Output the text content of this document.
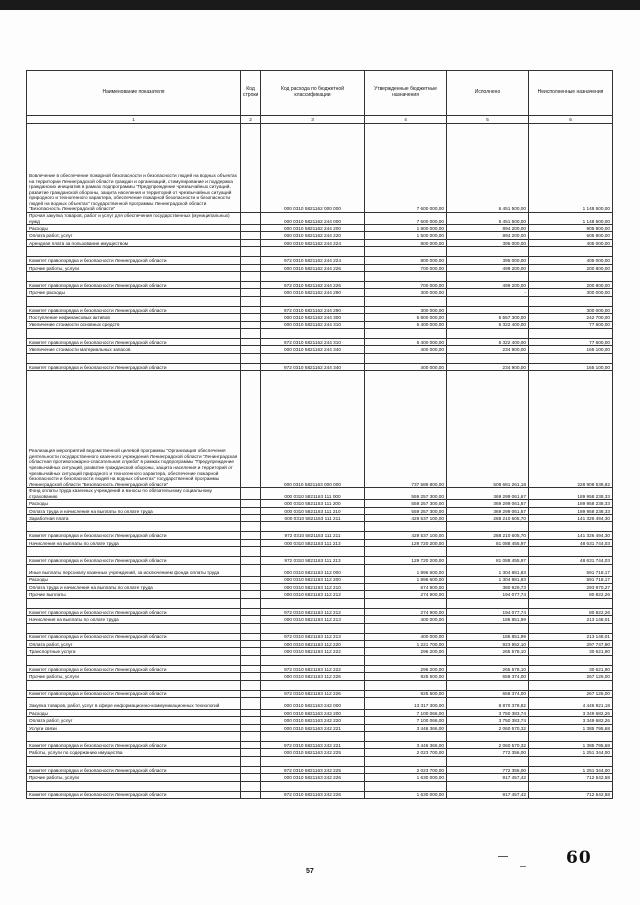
Наименование показателя	Код строки	Код расхода по бюджетной классификации	Утвержденные бюджетные назначения	Исполнено	Неисполненные назначения
1	2	3	4	5	6
Вовлечение в обеспечение пожарной безопасности и безопасности людей на водных объектах на территории Ленинградской области граждан и организаций, стимулирование и поддержка гражданских инициатив в рамках подпрограммы "Предупреждение чрезвычайных ситуаций, развитие гражданской обороны, защита населения и территорий от чрезвычайных ситуаций природного и техногенного характера, обеспечение пожарной безопасности и безопасности людей на водных объектах" государственной программы Ленинградской области "Безопасность Ленинградской области"		000 0310 5821162 000 000	7 600 000,00	6 451 500,00	1 148 500,00
Прочая закупка товаров, работ и услуг для обеспечения государственных (муниципальных) нужд		000 0310 5821162 244 000	7 600 000,00	6 451 500,00	1 148 500,00
Расходы		000 0310 5821162 244 200	1 800 000,00	894 200,00	905 800,00
Оплата работ, услуг		000 0310 5821162 244 220	1 500 000,00	894 200,00	605 800,00
Арендная плата за пользование имуществом		000 0310 5821162 244 224	800 000,00	395 000,00	405 000,00

Комитет правопорядка и безопасности Ленинградской области		972 0310 5821162 244 224	800 000,00	395 000,00	405 000,00
Прочие работы, услуги		000 0310 5821162 244 226	700 000,00	499 200,00	200 800,00

Комитет правопорядка и безопасности Ленинградской области		972 0310 5821162 244 226	700 000,00	499 200,00	200 800,00
Прочие расходы		000 0310 5821162 244 290	300 000,00	-	300 000,00

Комитет правопорядка и безопасности Ленинградской области		972 0310 5821162 244 290	300 000,00		300 000,00
Поступление нефинансовых активов		000 0310 5821162 244 300	5 800 000,00	5 557 300,00	242 700,00
Увеличение стоимости основных средств		000 0310 5821162 244 310	5 400 000,00	5 322 400,00	77 600,00

Комитет правопорядка и безопасности Ленинградской области		972 0310 5821162 244 310	5 400 000,00	5 322 400,00	77 600,00
Увеличение стоимости материальных запасов		000 0310 5821162 244 340	400 000,00	234 900,00	165 100,00

Комитет правопорядка и безопасности Ленинградской области		972 0310 5821162 244 340	400 000,00	234 900,00	165 100,00
Реализация мероприятий ведомственной целевой программы "Организация обеспечения деятельности государственного казенного учреждения Ленинградской области "Ленинградская областная противопожарно-спасательная служба" в рамках подпрограммы "Предупреждение чрезвычайных ситуаций, развитие гражданской обороны, защита населения и территорий от чрезвычайных ситуаций природного и техногенного характера, обеспечение пожарной безопасности и безопасности людей на водных объектах" государственной программы Ленинградской области "Безопасность Ленинградской области"		000 0310 5821163 000 000	737 589 800,00	508 681 261,18	228 908 538,82
Фонд оплаты труда казенных учреждений и взносы по обязательному социальному страхованию		000 0310 5821163 111 000	559 257 300,00	369 299 061,67	189 958 238,33
Расходы		000 0310 5821163 111 200	559 257 300,00	369 299 061,67	189 958 238,33
Оплата труда и начисления на выплаты по оплате труда		000 0310 5821163 111 210	559 257 300,00	369 299 061,67	189 958 238,33
Заработная плата		000 0310 5821163 111 211	429 537 100,00	288 210 605,70	141 326 494,30

Комитет правопорядка и безопасности Ленинградской области		972 0310 5821163 111 211	429 537 100,00	288 210 605,70	141 326 494,30
Начисления на выплаты по оплате труда		000 0310 5821163 111 213	129 720 200,00	81 088 455,97	48 631 744,03

Комитет правопорядка и безопасности Ленинградской области		972 0310 5821163 111 213	129 720 200,00	81 088 455,97	48 631 744,03
Иные выплаты персоналу казенных учреждений, за исключением фонда оплаты труда		000 0310 5821163 112 000	1 896 600,00	1 304 881,83	591 718,17
Расходы		000 0310 5821163 112 200	1 896 600,00	1 304 881,83	591 718,17
Оплата труда и начисления на выплаты по оплате труда		000 0310 5821163 112 210	674 900,00	380 929,73	293 970,27
Прочие выплаты		000 0310 5821163 112 212	274 900,00	194 077,74	80 822,26

Комитет правопорядка и безопасности Ленинградской области		972 0310 5821163 112 212	274 900,00	194 077,74	80 822,26
Начисления на выплаты по оплате труда		000 0310 5821163 112 213	400 000,00	186 851,99	213 148,01

Комитет правопорядка и безопасности Ленинградской области		972 0310 5821163 112 213	400 000,00	186 851,99	213 148,01
Оплата работ, услуг		000 0310 5821163 112 220	1 221 700,00	923 952,10	297 747,90
Транспортные услуги		000 0310 5821163 112 222	296 200,00	265 578,10	30 621,90

Комитет правопорядка и безопасности Ленинградской области		972 0310 5821163 112 222	296 200,00	265 578,10	30 621,90
Прочие работы, услуги		000 0310 5821163 112 226	925 500,00	658 374,00	267 126,00

Комитет правопорядка и безопасности Ленинградской области		972 0310 5821163 112 226	925 500,00	658 374,00	267 126,00
Закупка товаров, работ, услуг в сфере информационно-коммуникационных технологий		000 0310 5821163 242 000	13 317 300,00	8 870 378,82	4 446 921,18
Расходы		000 0310 5821163 242 200	7 100 066,00	3 750 383,74	3 349 682,26
Оплата работ, услуг		000 0310 5821163 242 220	7 100 066,00	3 750 383,74	3 349 682,26
Услуги связи		000 0310 5821163 242 221	3 446 366,00	2 060 570,32	1 385 795,68

Комитет правопорядка и безопасности Ленинградской области		972 0310 5821163 242 221	3 446 366,00	2 060 570,32	1 385 795,68
Работы, услуги по содержанию имущества		000 0310 5821163 242 225	2 023 700,00	772 356,00	1 251 344,00

Комитет правопорядка и безопасности Ленинградской области		972 0310 5821163 242 225	2 023 700,00	772 356,00	1 251 344,00
Прочие работы, услуги		000 0310 5821163 242 226	1 630 000,00	917 457,42	712 542,58

Комитет правопорядка и безопасности Ленинградской области		972 0310 5821163 242 226	1 630 000,00	917 457,42	712 542,58
60
57
